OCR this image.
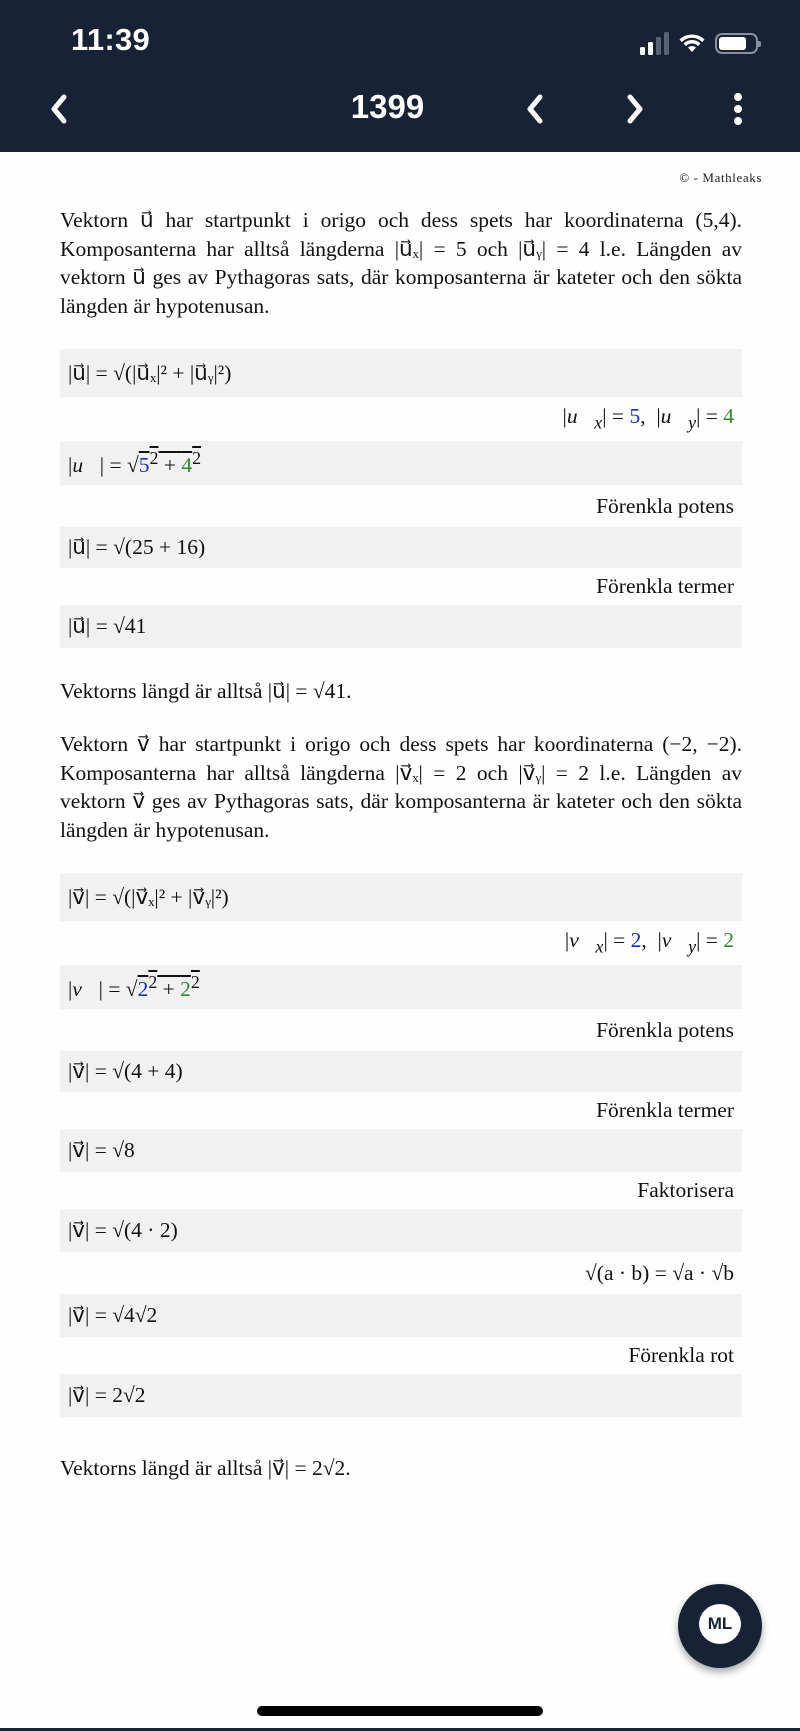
11:39
1399
© - Mathleaks
Vektorn u⃗ har startpunkt i origo och dess spets har koordinaterna (5,4). Komposanterna har alltså längderna |u⃗ₓ| = 5 och |u⃗ᵧ| = 4 l.e. Längden av vektorn u⃗ ges av Pythagoras sats, där komposanterna är kateter och den sökta längden är hypotenusan.
|u⃗| = √(|u⃗ₓ|² + |u⃗ᵧ|²)
$|u⃗_x| = 5$,  $|u⃗_y| = 4$
|u⃗| = $√5^2 + 4^2$
Förenkla potens
|u⃗| = √(25 + 16)
Förenkla termer
|u⃗| = √41
Vektorns längd är alltså |u⃗| = √41.
Vektorn v⃗ har startpunkt i origo och dess spets har koordinaterna (−2, −2). Komposanterna har alltså längderna |v⃗ₓ| = 2 och |v⃗ᵧ| = 2 l.e. Längden av vektorn v⃗ ges av Pythagoras sats, där komposanterna är kateter och den sökta längden är hypotenusan.
|v⃗| = √(|v⃗ₓ|² + |v⃗ᵧ|²)
$|v⃗_x| = 2$,  $|v⃗_y| = 2$
|v⃗| = $√2^2 + 2^2$
Förenkla potens
|v⃗| = √(4 + 4)
Förenkla termer
|v⃗| = √8
Faktorisera
|v⃗| = √(4 · 2)
√(a · b) = √a · √b
|v⃗| = √4√2
Förenkla rot
|v⃗| = 2√2
Vektorns längd är alltså |v⃗| = 2√2.
ML
